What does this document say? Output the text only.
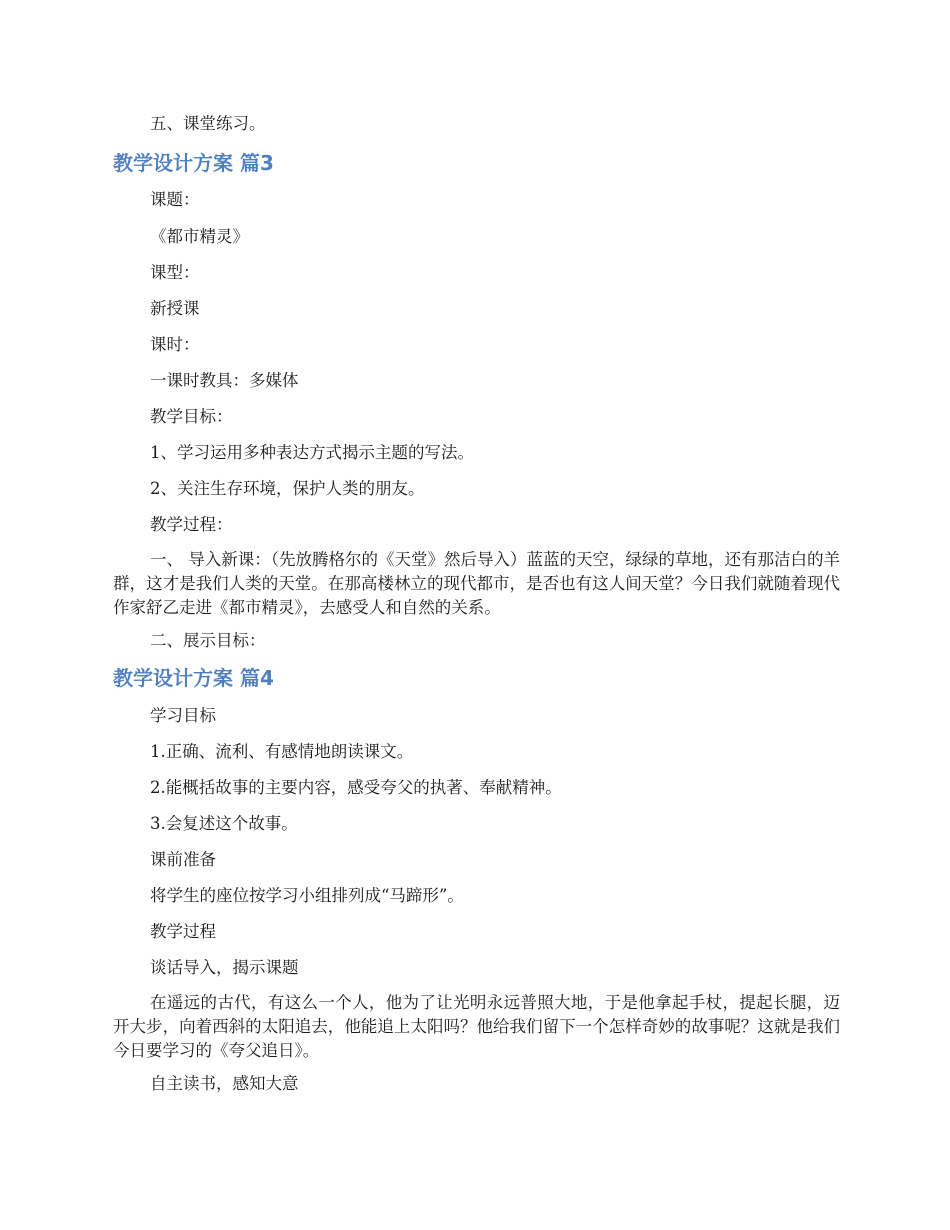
五、课堂练习。

教学设计方案 篇3

课题：

《都市精灵》

课型：

新授课

课时：

一课时教具：多媒体

教学目标：

1、学习运用多种表达方式揭示主题的写法。

2、关注生存环境，保护人类的朋友。

教学过程：

一、 导入新课：（先放腾格尔的《天堂》然后导入）蓝蓝的天空，绿绿的草地，还有那洁白的羊群，这才是我们人类的天堂。在那高楼林立的现代都市，是否也有这人间天堂？今日我们就随着现代作家舒乙走进《都市精灵》，去感受人和自然的关系。

二、展示目标：

教学设计方案 篇4

学习目标

1.正确、流利、有感情地朗读课文。

2.能概括故事的主要内容，感受夸父的执著、奉献精神。

3.会复述这个故事。

课前准备

将学生的座位按学习小组排列成“马蹄形”。

教学过程

谈话导入，揭示课题

在遥远的古代，有这么一个人，他为了让光明永远普照大地，于是他拿起手杖，提起长腿，迈开大步，向着西斜的太阳追去，他能追上太阳吗？他给我们留下一个怎样奇妙的故事呢？这就是我们今日要学习的《夸父追日》。

自主读书，感知大意
